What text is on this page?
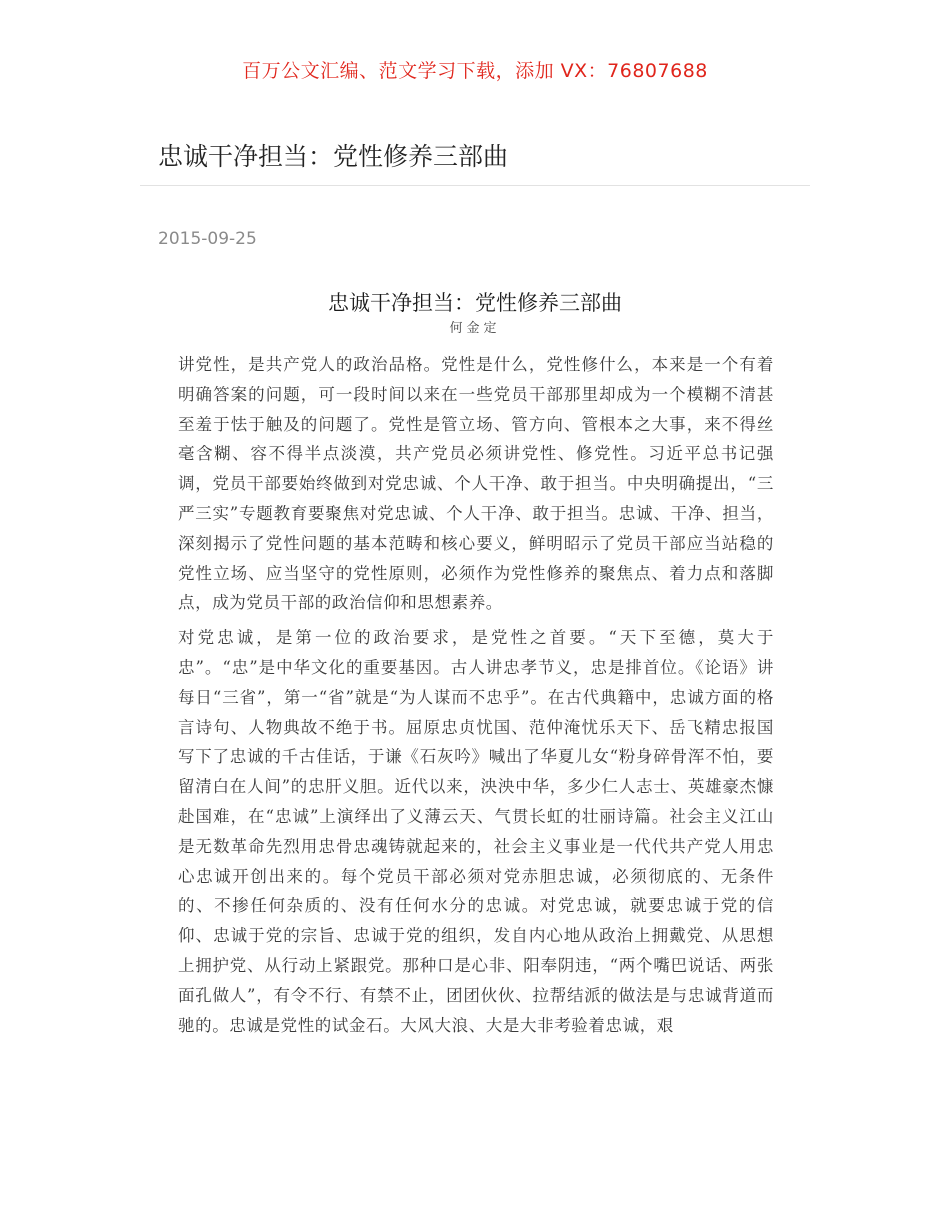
百万公文汇编、范文学习下载，添加 VX：76807688
忠诚干净担当：党性修养三部曲
2015-09-25
忠诚干净担当：党性修养三部曲
何金定

讲党性，是共产党人的政治品格。党性是什么，党性修什么，本来是一个有着明确答案的问题，可一段时间以来在一些党员干部那里却成为一个模糊不清甚至羞于怯于触及的问题了。党性是管立场、管方向、管根本之大事，来不得丝毫含糊、容不得半点淡漠，共产党员必须讲党性、修党性。习近平总书记强调，党员干部要始终做到对党忠诚、个人干净、敢于担当。中央明确提出，“三严三实”专题教育要聚焦对党忠诚、个人干净、敢于担当。忠诚、干净、担当，深刻揭示了党性问题的基本范畴和核心要义，鲜明昭示了党员干部应当站稳的党性立场、应当坚守的党性原则，必须作为党性修养的聚焦点、着力点和落脚点，成为党员干部的政治信仰和思想素养。

对党忠诚，是第一位的政治要求，是党性之首要。“天下至德，莫大于忠”。“忠”是中华文化的重要基因。古人讲忠孝节义，忠是排首位。《论语》讲每日“三省”，第一“省”就是“为人谋而不忠乎”。在古代典籍中，忠诚方面的格言诗句、人物典故不绝于书。屈原忠贞忧国、范仲淹忧乐天下、岳飞精忠报国写下了忠诚的千古佳话，于谦《石灰吟》喊出了华夏儿女“粉身碎骨浑不怕，要留清白在人间”的忠肝义胆。近代以来，泱泱中华，多少仁人志士、英雄豪杰慷赴国难，在“忠诚”上演绎出了义薄云天、气贯长虹的壮丽诗篇。社会主义江山是无数革命先烈用忠骨忠魂铸就起来的，社会主义事业是一代代共产党人用忠心忠诚开创出来的。每个党员干部必须对党赤胆忠诚，必须彻底的、无条件的、不掺任何杂质的、没有任何水分的忠诚。对党忠诚，就要忠诚于党的信仰、忠诚于党的宗旨、忠诚于党的组织，发自内心地从政治上拥戴党、从思想上拥护党、从行动上紧跟党。那种口是心非、阳奉阴违，“两个嘴巴说话、两张面孔做人”，有令不行、有禁不止，团团伙伙、拉帮结派的做法是与忠诚背道而驰的。忠诚是党性的试金石。大风大浪、大是大非考验着忠诚，艰
